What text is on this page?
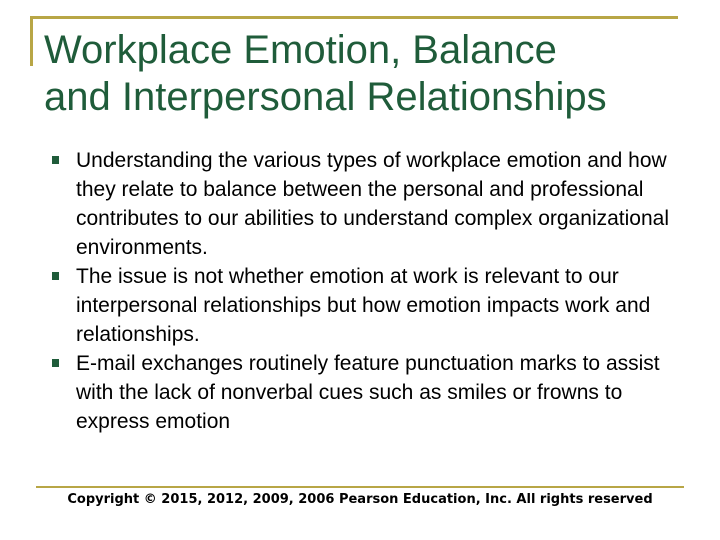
Workplace Emotion, Balance
and Interpersonal Relationships
Understanding the various types of workplace emotion and how they relate to balance between the personal and professional contributes to our abilities to understand complex organizational environments.
The issue is not whether emotion at work is relevant to our interpersonal relationships but how emotion impacts work and relationships.
E-mail exchanges routinely feature punctuation marks to assist with the lack of nonverbal cues such as smiles or frowns to express emotion
Copyright © 2015, 2012, 2009, 2006 Pearson Education, Inc. All rights reserved
